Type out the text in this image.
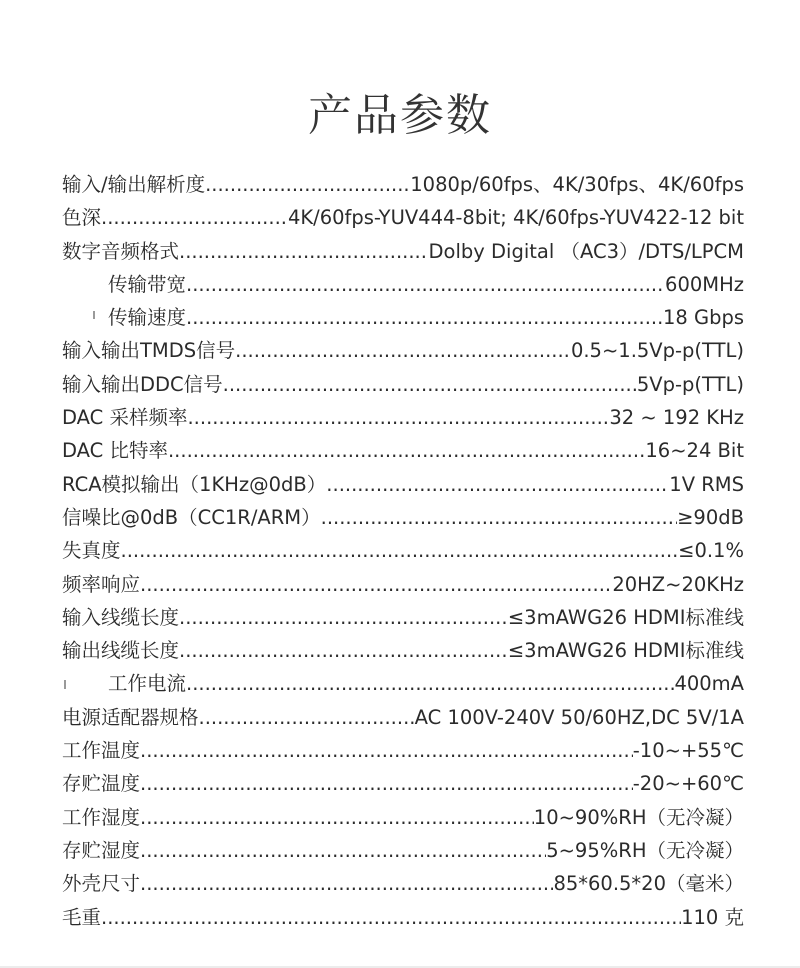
产品参数
输入/输出解析度 .....	1080p/60fps、4K/30fps、4K/60fps
色深 .....	4K/60fps-YUV444-8bit; 4K/60fps-YUV422-12 bit
数字音频格式 .....	Dolby Digital （AC3）/DTS/LPCM
传输带宽 .....	600MHz
传输速度 .....	18 Gbps
输入输出TMDS信号 .....	0.5~1.5Vp-p(TTL)
输入输出DDC信号 .....	5Vp-p(TTL)
DAC 采样频率 .....	32 ~ 192 KHz
DAC 比特率 .....	16~24 Bit
RCA模拟输出（1KHz@0dB） .....	1V RMS
信噪比@0dB（CC1R/ARM） .....	≥90dB
失真度 .....	≤0.1%
频率响应 .....	20HZ~20KHz
输入线缆长度 .....	≤3mAWG26 HDMI标准线
输出线缆长度 .....	≤3mAWG26 HDMI标准线
工作电流 .....	400mA
电源适配器规格 .....	AC 100V-240V 50/60HZ,DC 5V/1A
工作温度 .....	-10~+55℃
存贮温度 .....	-20~+60℃
工作湿度 .....	10~90%RH（无冷凝）
存贮湿度 .....	5~95%RH（无冷凝）
外壳尺寸 .....	85*60.5*20（毫米）
毛重 .....	110 克
